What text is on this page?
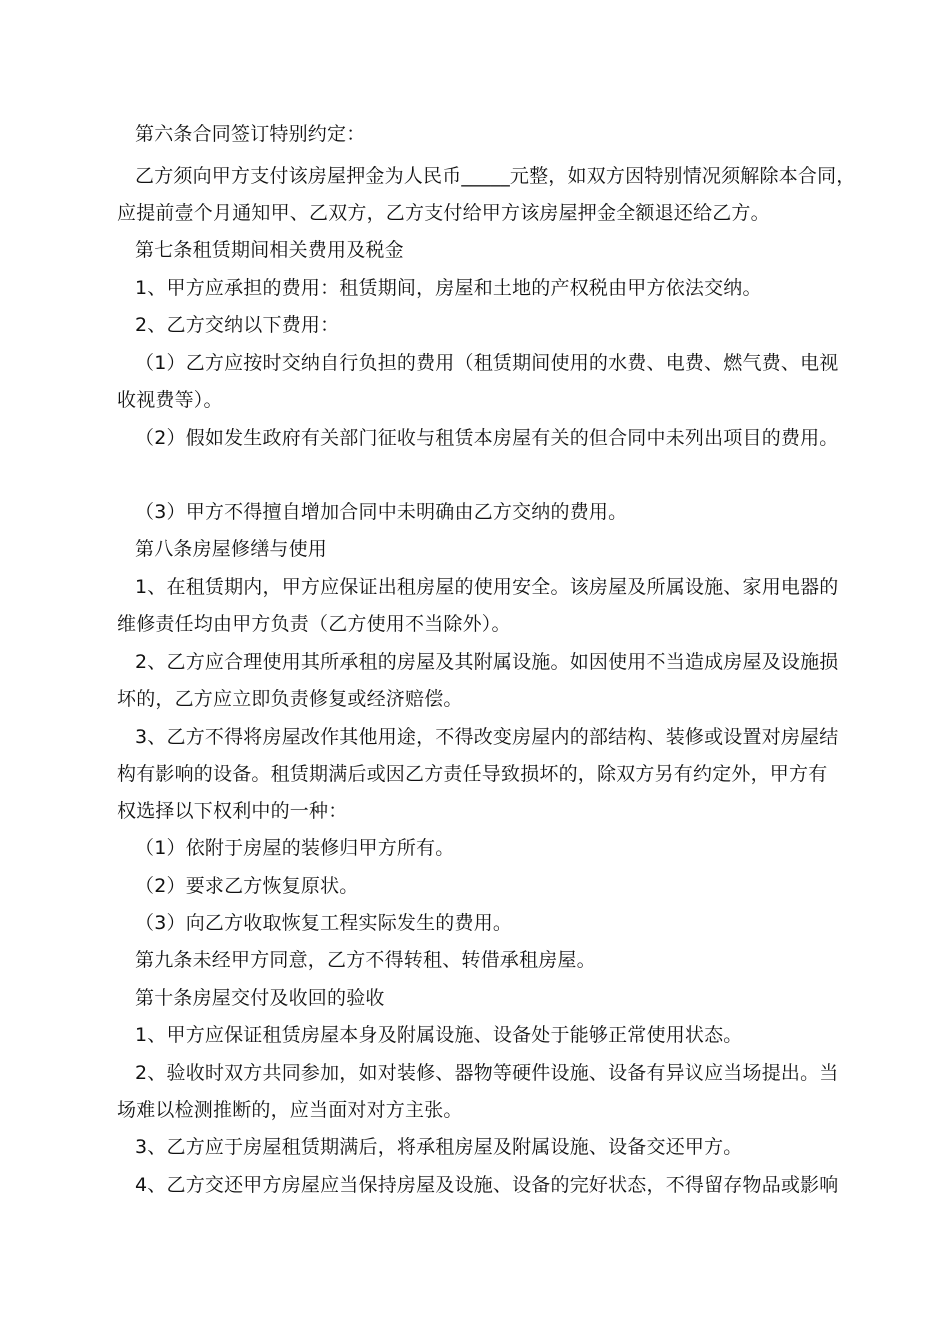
第六条合同签订特别约定：
乙方须向甲方支付该房屋押金为人民币_____元整，如双方因特别情况须解除本合同，
应提前壹个月通知甲、乙双方，乙方支付给甲方该房屋押金全额退还给乙方。
第七条租赁期间相关费用及税金
1、甲方应承担的费用：租赁期间，房屋和土地的产权税由甲方依法交纳。
2、乙方交纳以下费用：
（1）乙方应按时交纳自行负担的费用（租赁期间使用的水费、电费、燃气费、电视
收视费等）。
（2）假如发生政府有关部门征收与租赁本房屋有关的但合同中未列出项目的费用。
（3）甲方不得擅自增加合同中未明确由乙方交纳的费用。
第八条房屋修缮与使用
1、在租赁期内，甲方应保证出租房屋的使用安全。该房屋及所属设施、家用电器的
维修责任均由甲方负责（乙方使用不当除外）。
2、乙方应合理使用其所承租的房屋及其附属设施。如因使用不当造成房屋及设施损
坏的，乙方应立即负责修复或经济赔偿。
3、乙方不得将房屋改作其他用途，不得改变房屋内的部结构、装修或设置对房屋结
构有影响的设备。租赁期满后或因乙方责任导致损坏的，除双方另有约定外，甲方有
权选择以下权利中的一种：
（1）依附于房屋的装修归甲方所有。
（2）要求乙方恢复原状。
（3）向乙方收取恢复工程实际发生的费用。
第九条未经甲方同意，乙方不得转租、转借承租房屋。
第十条房屋交付及收回的验收
1、甲方应保证租赁房屋本身及附属设施、设备处于能够正常使用状态。
2、验收时双方共同参加，如对装修、器物等硬件设施、设备有异议应当场提出。当
场难以检测推断的，应当面对对方主张。
3、乙方应于房屋租赁期满后，将承租房屋及附属设施、设备交还甲方。
4、乙方交还甲方房屋应当保持房屋及设施、设备的完好状态，不得留存物品或影响
